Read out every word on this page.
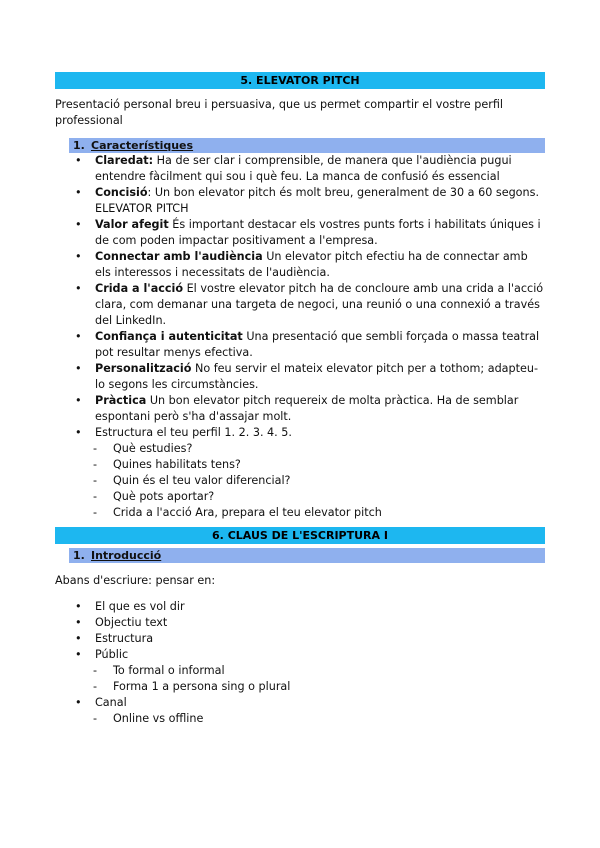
5. ELEVATOR PITCH
Presentació personal breu i persuasiva, que us permet compartir el vostre perfil professional
1. Característiques
• Claredat: Ha de ser clar i comprensible, de manera que l'audiència pugui entendre fàcilment qui sou i què feu. La manca de confusió és essencial
• Concisió: Un bon elevator pitch és molt breu, generalment de 30 a 60 segons. ELEVATOR PITCH
• Valor afegit És important destacar els vostres punts forts i habilitats úniques i de com poden impactar positivament a l'empresa.
• Connectar amb l'audiència Un elevator pitch efectiu ha de connectar amb els interessos i necessitats de l'audiència.
• Crida a l'acció El vostre elevator pitch ha de concloure amb una crida a l'acció clara, com demanar una targeta de negoci, una reunió o una connexió a través del LinkedIn.
• Confiança i autenticitat Una presentació que sembli forçada o massa teatral pot resultar menys efectiva.
• Personalització No feu servir el mateix elevator pitch per a tothom; adapteu-lo segons les circumstàncies.
• Pràctica Un bon elevator pitch requereix de molta pràctica. Ha de semblar espontani però s'ha d'assajar molt.
• Estructura el teu perfil 1. 2. 3. 4. 5.
- Què estudies?
- Quines habilitats tens?
- Quin és el teu valor diferencial?
- Què pots aportar?
- Crida a l'acció Ara, prepara el teu elevator pitch
6. CLAUS DE L'ESCRIPTURA I
1. Introducció
Abans d'escriure: pensar en:
• El que es vol dir
• Objectiu text
• Estructura
• Públic
- To formal o informal
- Forma 1 a persona sing o plural
• Canal
- Online vs offline
